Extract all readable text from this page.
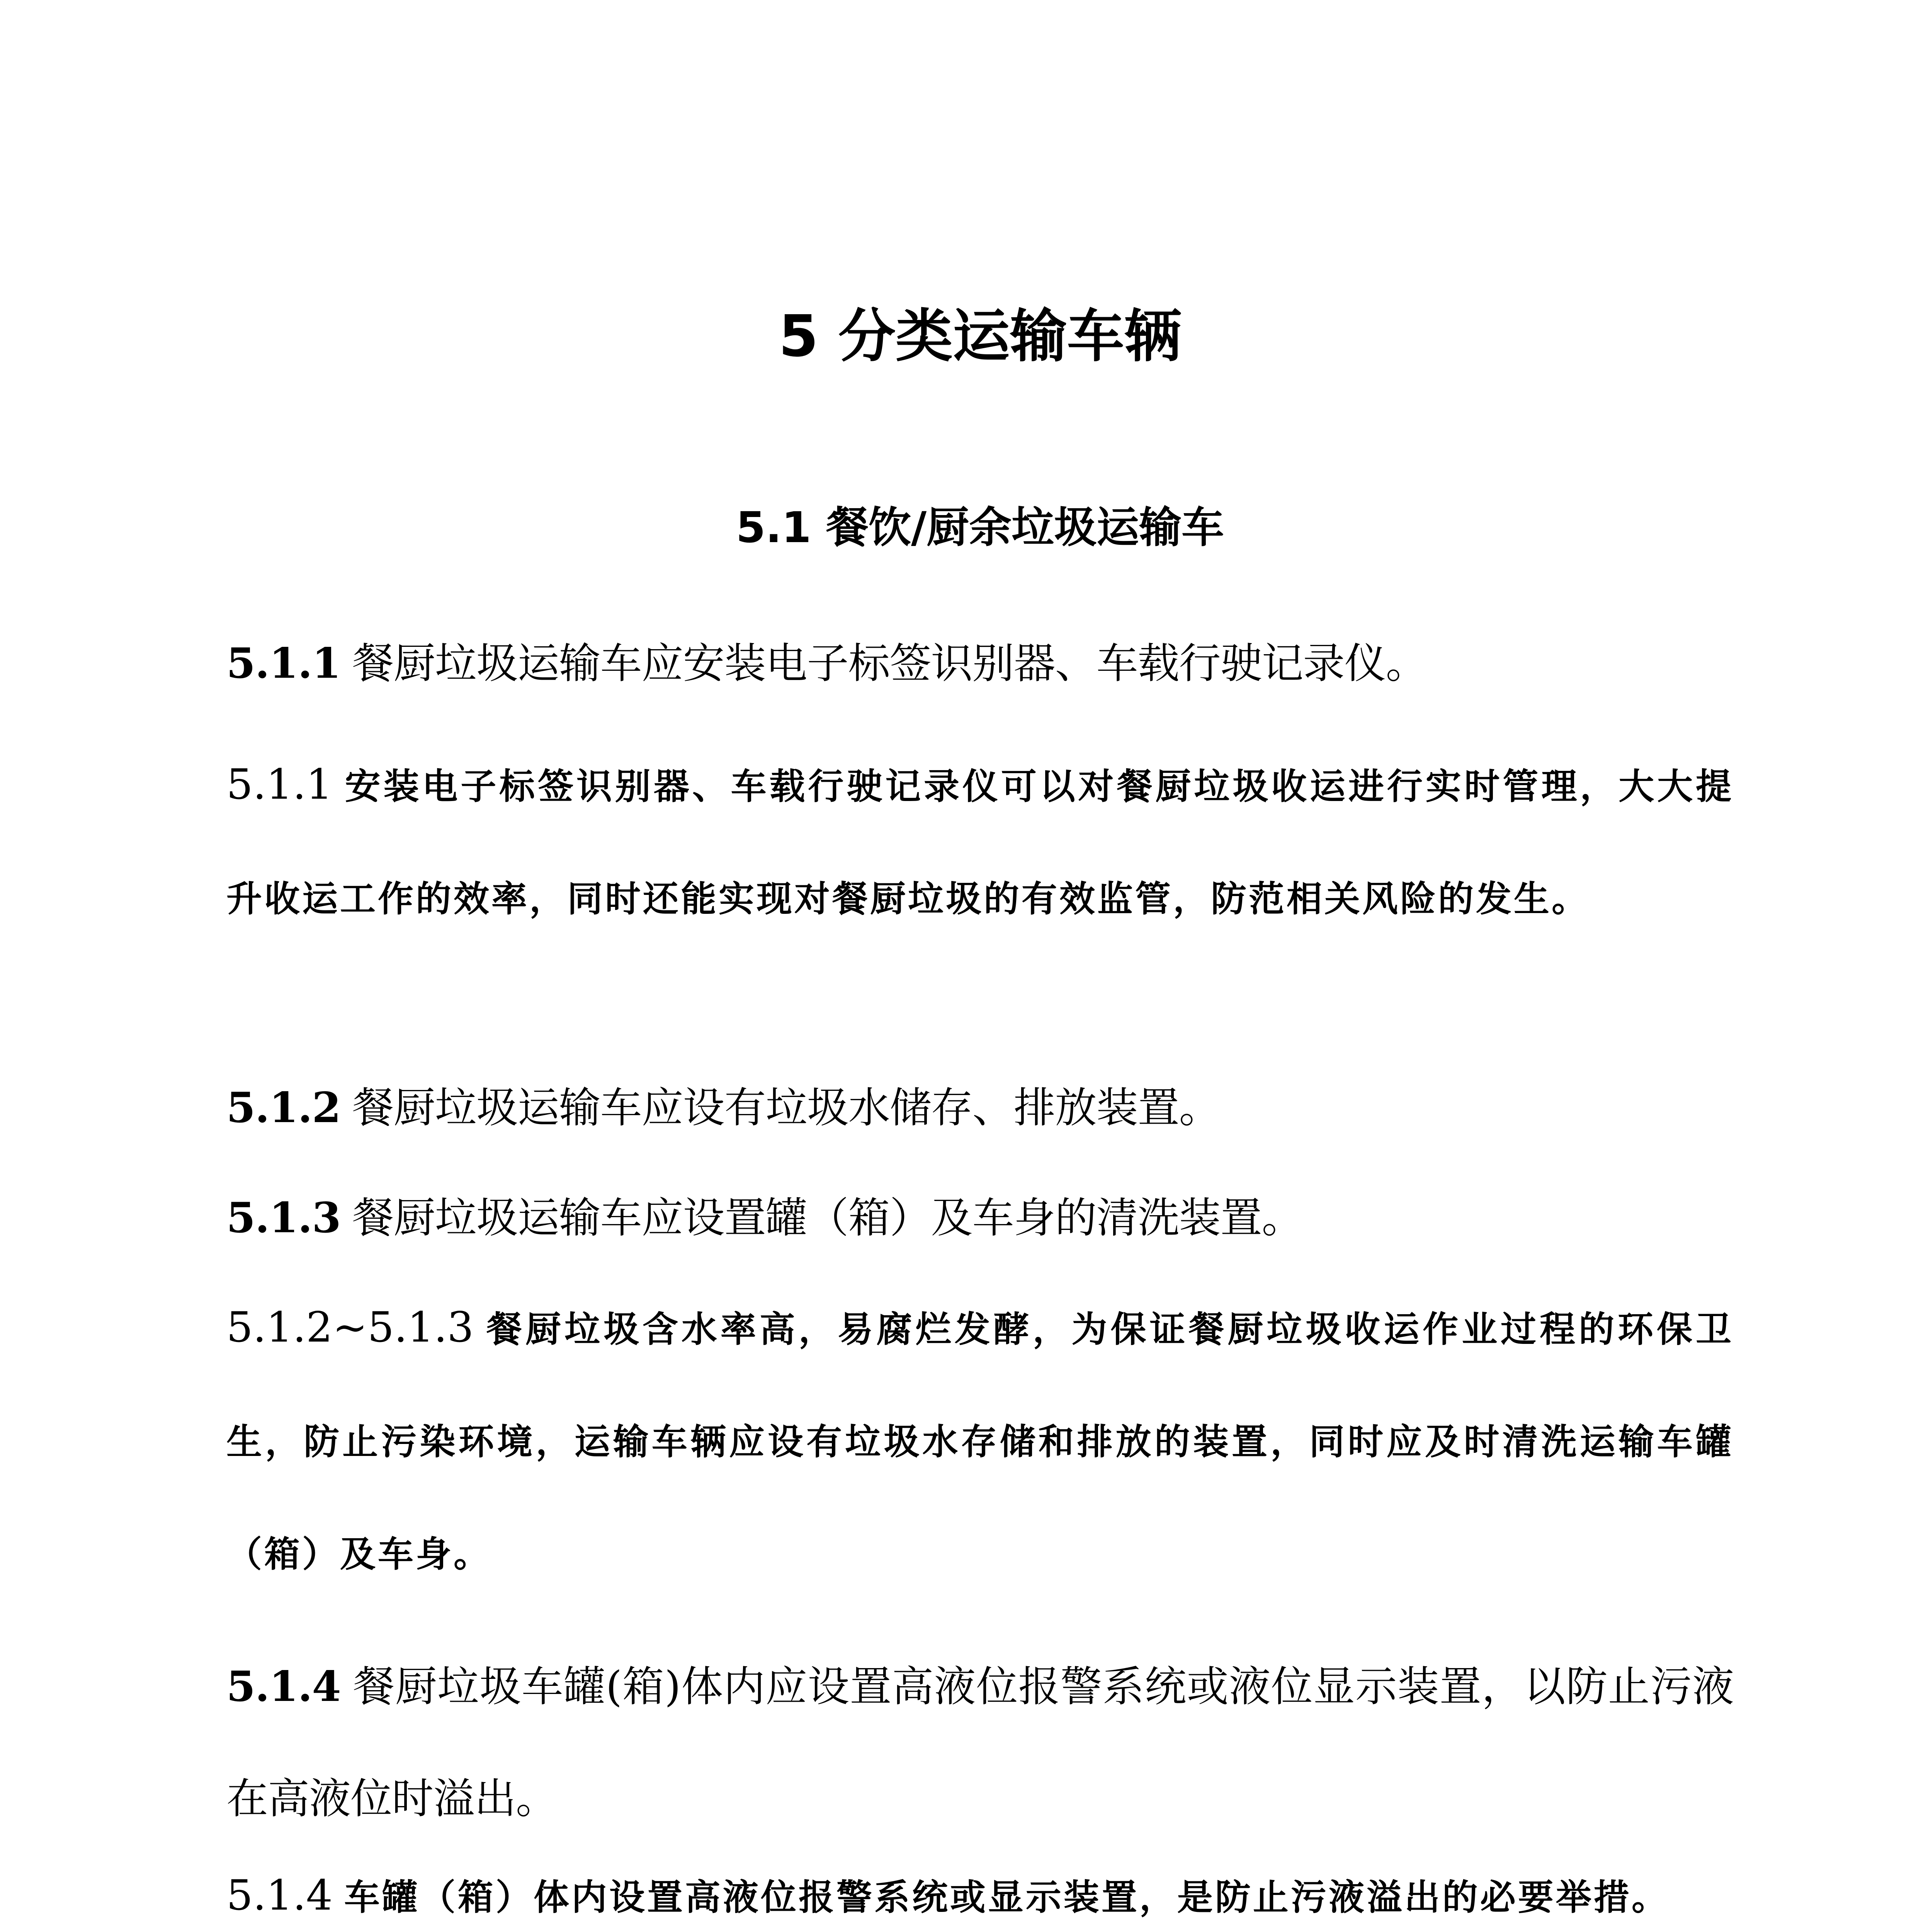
5 分类运输车辆
5.1 餐饮/厨余垃圾运输车

5.1.1 餐厨垃圾运输车应安装电子标签识别器、车载行驶记录仪。

5.1.1 安装电子标签识别器、车载行驶记录仪可以对餐厨垃圾收运进行实时管理，大大提升收运工作的效率，同时还能实现对餐厨垃圾的有效监管，防范相关风险的发生。

5.1.2 餐厨垃圾运输车应设有垃圾水储存、排放装置。

5.1.3 餐厨垃圾运输车应设置罐（箱）及车身的清洗装置。

5.1.2~5.1.3 餐厨垃圾含水率高，易腐烂发酵，为保证餐厨垃圾收运作业过程的环保卫生，防止污染环境，运输车辆应设有垃圾水存储和排放的装置，同时应及时清洗运输车罐（箱）及车身。

5.1.4 餐厨垃圾车罐(箱)体内应设置高液位报警系统或液位显示装置，以防止污液在高液位时溢出。

5.1.4 车罐（箱）体内设置高液位报警系统或显示装置，是防止污液溢出的必要举措。
